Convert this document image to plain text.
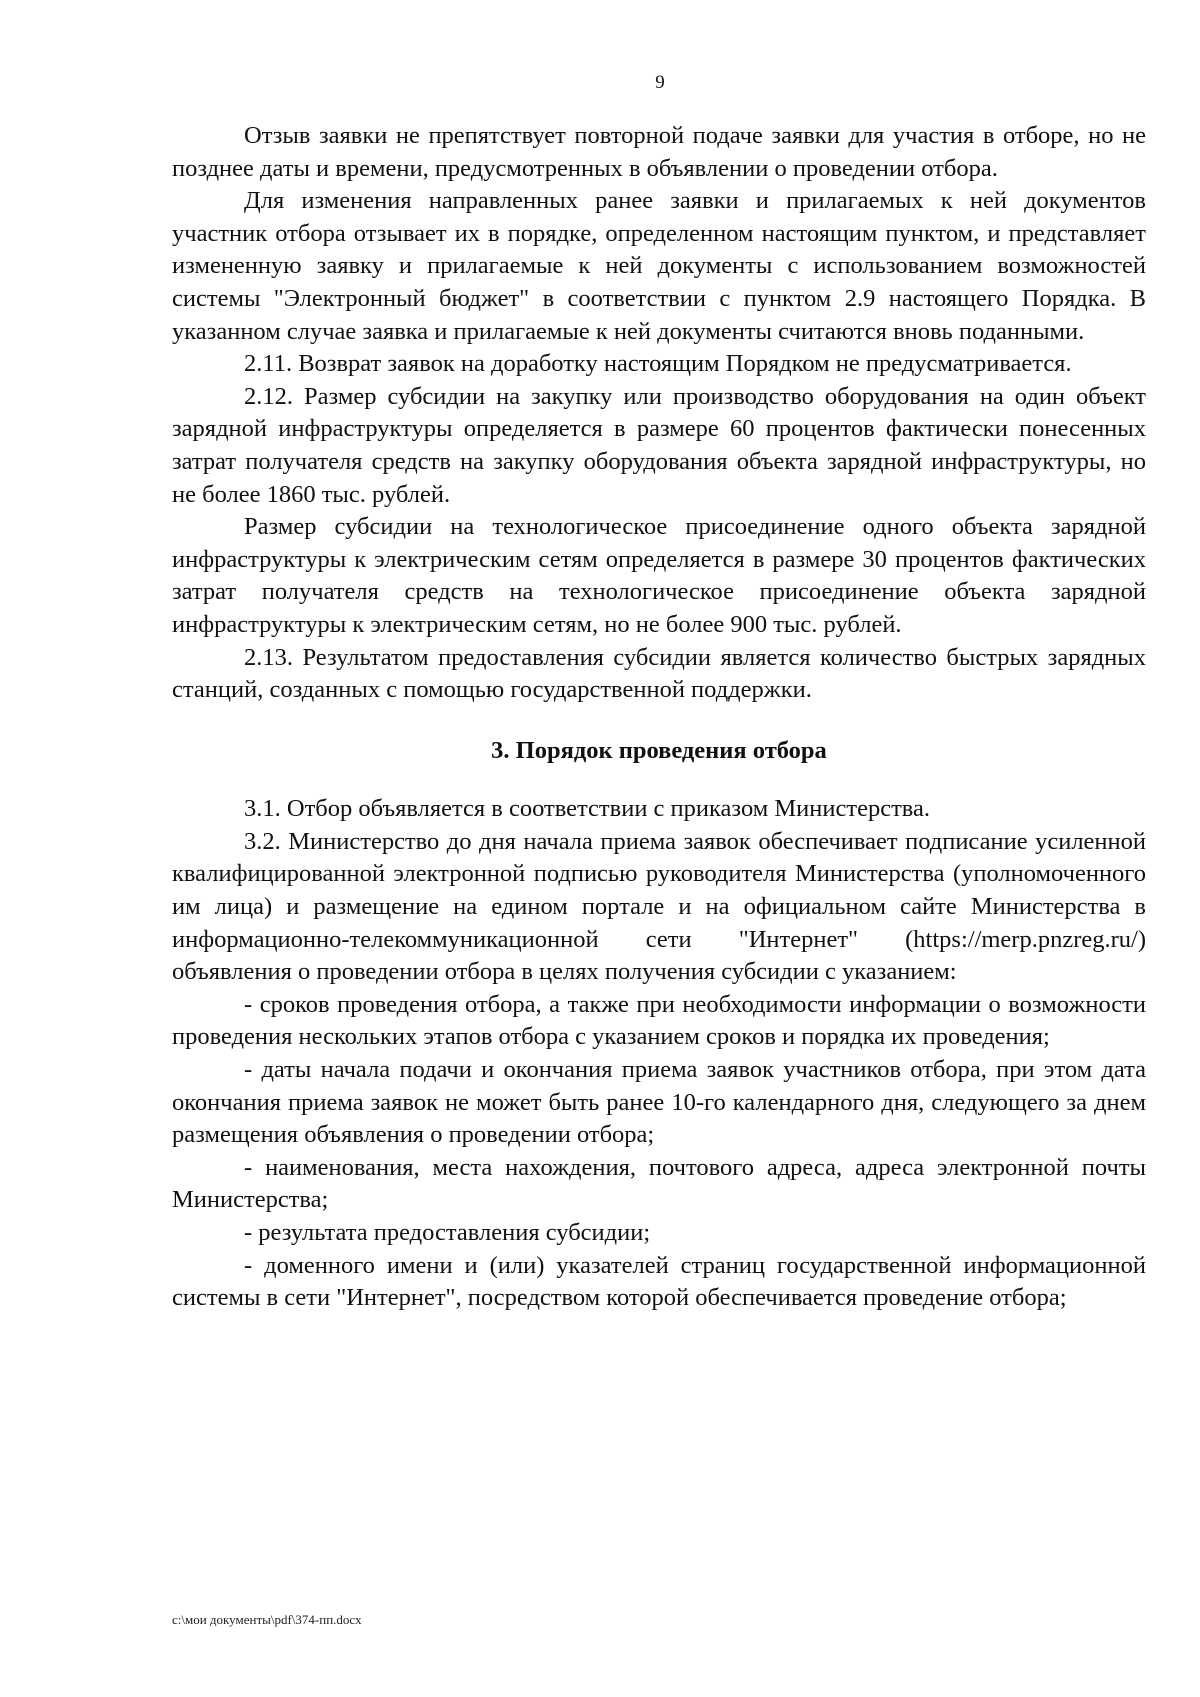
9

Отзыв заявки не препятствует повторной подаче заявки для участия в отборе, но не позднее даты и времени, предусмотренных в объявлении о проведении отбора.

Для изменения направленных ранее заявки и прилагаемых к ней документов участник отбора отзывает их в порядке, определенном настоящим пунктом, и представляет измененную заявку и прилагаемые к ней документы с использованием возможностей системы "Электронный бюджет" в соответствии с пунктом 2.9 настоящего Порядка. В указанном случае заявка и прилагаемые к ней документы считаются вновь поданными.

2.11. Возврат заявок на доработку настоящим Порядком не предусматривается.

2.12. Размер субсидии на закупку или производство оборудования на один объект зарядной инфраструктуры определяется в размере 60 процентов фактически понесенных затрат получателя средств на закупку оборудования объекта зарядной инфраструктуры, но не более 1860 тыс. рублей.

Размер субсидии на технологическое присоединение одного объекта зарядной инфраструктуры к электрическим сетям определяется в размере 30 процентов фактических затрат получателя средств на технологическое присоединение объекта зарядной инфраструктуры к электрическим сетям, но не более 900 тыс. рублей.

2.13. Результатом предоставления субсидии является количество быстрых зарядных станций, созданных с помощью государственной поддержки.

3. Порядок проведения отбора

3.1. Отбор объявляется в соответствии с приказом Министерства.

3.2. Министерство до дня начала приема заявок обеспечивает подписание усиленной квалифицированной электронной подписью руководителя Министерства (уполномоченного им лица) и размещение на едином портале и на официальном сайте Министерства в информационно-телекоммуникационной сети "Интернет" (https://merp.pnzreg.ru/) объявления о проведении отбора в целях получения субсидии с указанием:

- сроков проведения отбора, а также при необходимости информации о возможности проведения нескольких этапов отбора с указанием сроков и порядка их проведения;

- даты начала подачи и окончания приема заявок участников отбора, при этом дата окончания приема заявок не может быть ранее 10-го календарного дня, следующего за днем размещения объявления о проведении отбора;

- наименования, места нахождения, почтового адреса, адреса электронной почты Министерства;

- результата предоставления субсидии;

- доменного имени и (или) указателей страниц государственной информационной системы в сети "Интернет", посредством которой обеспечивается проведение отбора;

c:\мои документы\pdf\374-пп.docx
